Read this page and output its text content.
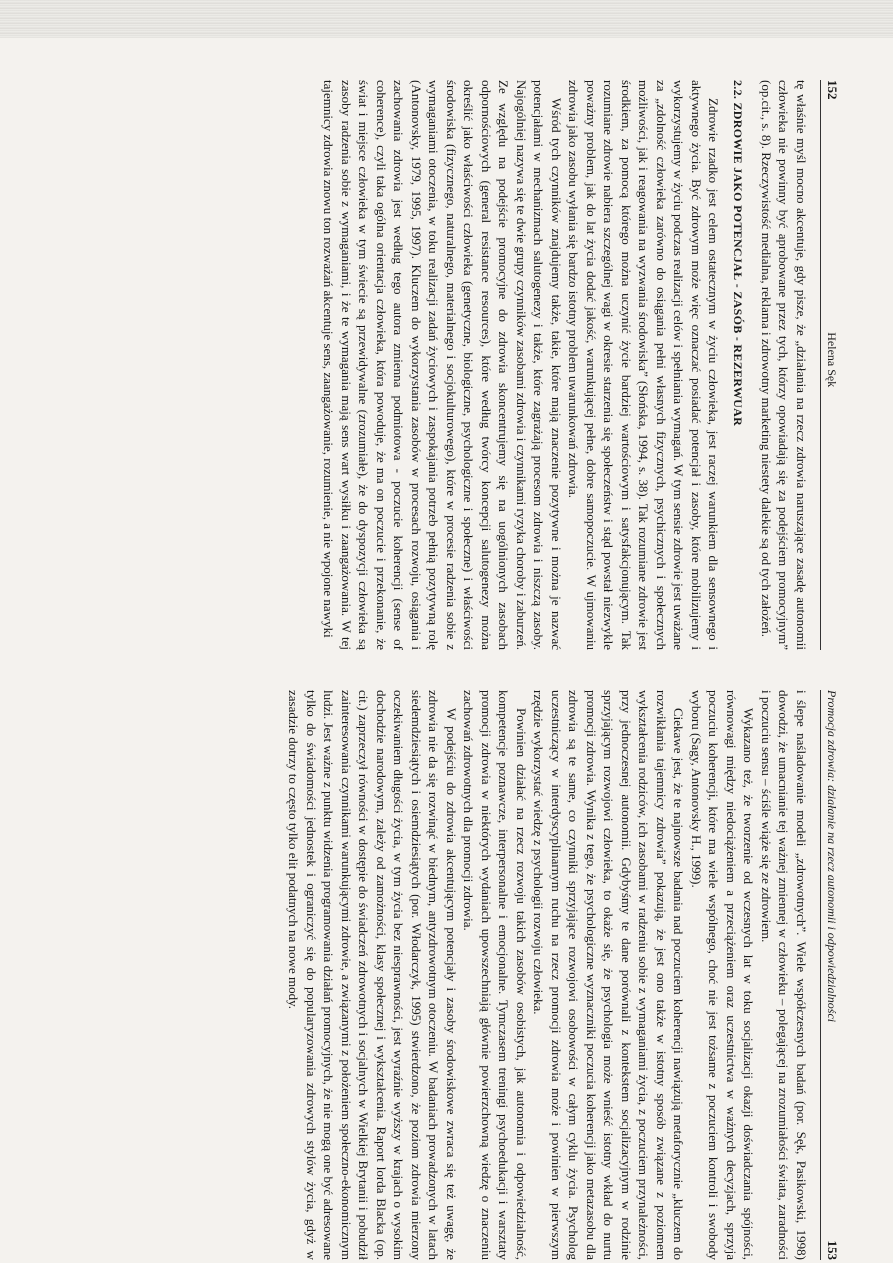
152
Helena Sęk

tę właśnie myśl mocno akcentuje, gdy pisze, że „działania na rzecz zdrowia naruszające zasadę autonomii człowieka nie powinny być aprobowane przez tych, którzy opowiadają się za podejściem promocyjnym” (op.cit., s. 8). Rzeczywistość medialna, reklama i zdrowotny marketing niestety dalekie są od tych założeń.

2.2. ZDROWIE JAKO POTENCJAŁ - ZASÓB - REZERWUAR

Zdrowie rzadko jest celem ostatecznym w życiu człowieka, jest raczej warunkiem dla sensownego i aktywnego życia. Być zdrowym może więc oznaczać posiadać potencjał i zasoby, które mobilizujemy i wykorzystujemy w życiu podczas realizacji celów i spełniania wymagań. W tym sensie zdrowie jest uważane za „zdolność człowieka zarówno do osiągania pełni własnych fizycznych, psychicznych i społecznych możliwości, jak i reagowania na wyzwania środowiska” (Słońska, 1994, s. 38). Tak rozumiane zdrowie jest środkiem, za pomocą którego można uczynić życie bardziej wartościowym i satysfakcjonującym. Tak rozumiane zdrowie nabiera szczególnej wagi w okresie starzenia się społeczeństw i stąd powstał niezwykle poważny problem, jak do lat życia dodać jakość, warunkującej pełne, dobre samopoczucie. W ujmowaniu zdrowia jako zasobu wyłania się bardzo istotny problem uwarunkowań zdrowia.

Wśród tych czynników znajdujemy także, takie, które mają znaczenie pozytywne i można je nazwać potencjałami w mechanizmach salutogenezy i także, które zagrażają procesom zdrowia i niszczą zasoby. Najogólniej nazywa się te dwie grupy czynników zasobami zdrowia i czynnikami ryzyka choroby i zaburzeń. Ze względu na podejście promocyjne do zdrowia skoncentrujemy się na uogólnionych zasobach odpornościowych (general resistance resources), które według twórcy koncepcji salutogenezy można określić jako właściwości człowieka (genetyczne, biologiczne, psychologiczne i społeczne) i właściwości środowiska (fizycznego, naturalnego, materialnego i socjokulturowego), które w procesie radzenia sobie z wymaganiami otoczenia, w toku realizacji zadań życiowych i zaspokajania potrzeb pełnią pozytywną rolę (Antonovsky, 1979, 1995, 1997). Kluczem do wykorzystania zasobów w procesach rozwoju, osiągania i zachowania zdrowia jest według tego autora zmienna podmiotowa - poczucie koherencji (sense of coherence), czyli taka ogólna orientacja człowieka, która powoduje, że ma on poczucie i przekonanie, że świat i miejsce człowieka w tym świecie są przewidywalne (zrozumiałe), że do dyspozycji człowieka są zasoby radzenia sobie z wymaganiami, i że te wymagania mają sens wart wysiłku i zaangażowania. W tej tajemnicy zdrowia znowu ton rozważań akcentuje sens, zaangażowanie, rozumienie, a nie wpojone nawyki

Promocja zdrowia: działanie na rzecz autonomii i odpowiedzialności
153

i ślepe naśladowanie modeli „zdrowotnych”. Wiele współczesnych badań (por. Sęk, Pasikowski, 1998) dowodzi, że umacnianie tej ważnej zmiennej w człowieku – polegającej na zrozumiałości świata, zaradności i poczuciu sensu – ściśle wiąże się ze zdrowiem.

Wykazano też, że tworzenie od wczesnych lat w toku socjalizacji okazji doświadczania spójności, równowagi między niedociążeniem a przeciążeniem oraz uczestnictwa w ważnych decyzjach, sprzyja poczuciu koherencji, które ma wiele wspólnego, choć nie jest tożsame z poczuciem kontroli i swobody wyboru (Sagy, Antonovsky H., 1999).

Ciekawe jest, że te najnowsze badania nad poczuciem koherencji nawiązują metaforycznie „kluczem do rozwikłania tajemnicy zdrowia” pokazują, że jest ono także w istotny sposób związane z poziomem wykształcenia rodziców, ich zasobami w radzeniu sobie z wymaganiami życia, z poczuciem przynależności, przy jednoczesnej autonomii. Gdybyśmy te dane porównali z kontekstem socjalizacyjnym w rodzinie sprzyjającym rozwojowi człowieka, to okaże się, że psychologia może wnieść istotny wkład do nurtu promocji zdrowia. Wynika z tego, że psychologiczne wyznaczniki poczucia koherencji jako metazasobu dla zdrowia są te same, co czynniki sprzyjające rozwojowi osobowości w całym cyklu życia. Psycholog uczestniczący w interdyscyplinarnym ruchu na rzecz promocji zdrowia może i powinien w pierwszym rzędzie wykorzystać wiedzę z psychologii rozwoju człowieka.

Powinien działać na rzecz rozwoju takich zasobów osobistych, jak autonomia i odpowiedzialność, kompetencje poznawcze, interpersonalne i emocjonalne. Tymczasem treningi psychoedukacji i warsztaty promocji zdrowia w niektórych wydaniach upowszechniają głównie powierzchowną wiedzę o znaczeniu zachowań zdrowotnych dla promocji zdrowia.

W podejściu do zdrowia akcentującym potencjały i zasoby środowiskowe zwraca się też uwagę, że zdrowia nie da się rozwinąć w biednym, antyzdrowotnym otoczeniu. W badaniach prowadzonych w latach siedemdziesiątych i osiemdziesiątych (por. Włodarczyk, 1995) stwierdzono, że poziom zdrowia mierzony oczekiwaniem długości życia, w tym życia bez niesprawności, jest wyraźnie wyższy w krajach o wysokim dochodzie narodowym, zależy od zamożności, klasy społecznej i wykształcenia. Raport lorda Blacka (op. cit.) zaprzeczył równości w dostępie do świadczeń zdrowotnych i socjalnych w Wielkiej Brytanii i pobudził zainteresowania czynnikami warunkującymi zdrowie, a związanymi z położeniem społeczno-ekonomicznym ludzi. Jest ważne z punktu widzenia programowania działań promocyjnych, że nie mogą one być adresowane tylko do świadomości jednostek i ograniczyć się do popularyzowania zdrowych stylów życia, gdyż w zasadzie dotrzy to często tylko elit podatnych na nowe mody.
